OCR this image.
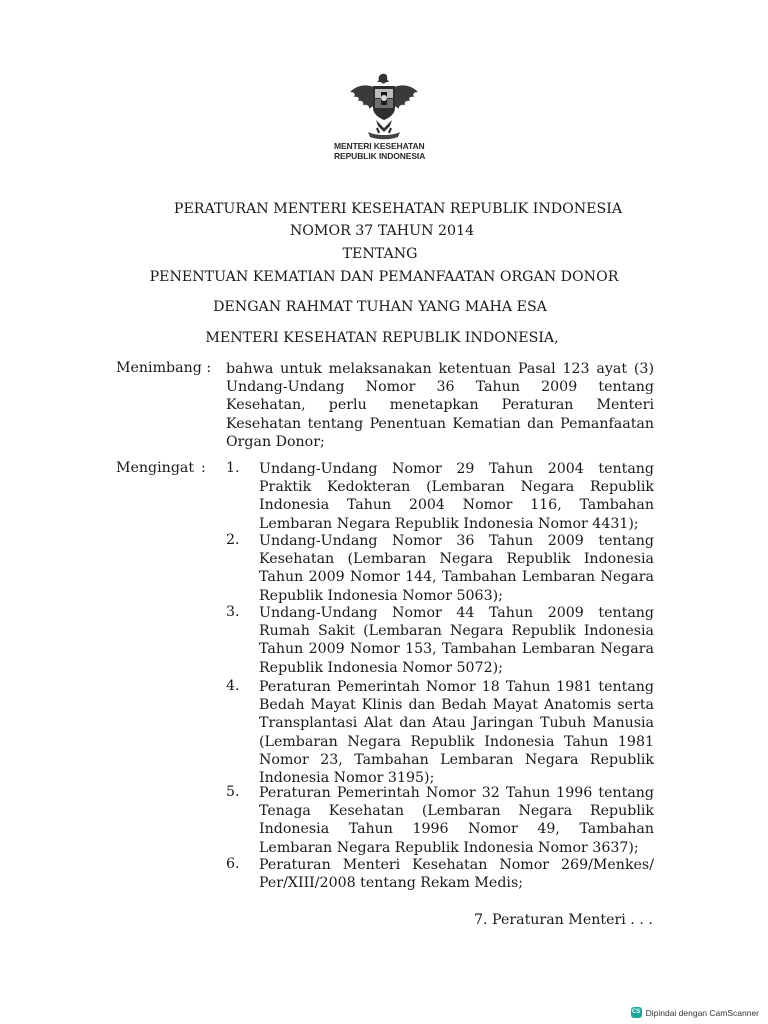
MENTERI KESEHATAN
REPUBLIK INDONESIA
PERATURAN MENTERI KESEHATAN REPUBLIK INDONESIA
NOMOR 37 TAHUN 2014
TENTANG
PENENTUAN KEMATIAN DAN PEMANFAATAN ORGAN DONOR
DENGAN RAHMAT TUHAN YANG MAHA ESA
MENTERI KESEHATAN REPUBLIK INDONESIA,
Menimbang : bahwa untuk melaksanakan ketentuan Pasal 123 ayat (3)
Undang-Undang Nomor 36 Tahun 2009 tentang
Kesehatan, perlu menetapkan Peraturan Menteri
Kesehatan tentang Penentuan Kematian dan Pemanfaatan
Organ Donor;
Mengingat : 1. Undang-Undang Nomor 29 Tahun 2004 tentang
Praktik Kedokteran (Lembaran Negara Republik
Indonesia Tahun 2004 Nomor 116, Tambahan
Lembaran Negara Republik Indonesia Nomor 4431);
2. Undang-Undang Nomor 36 Tahun 2009 tentang
Kesehatan (Lembaran Negara Republik Indonesia
Tahun 2009 Nomor 144, Tambahan Lembaran Negara
Republik Indonesia Nomor 5063);
3. Undang-Undang Nomor 44 Tahun 2009 tentang
Rumah Sakit (Lembaran Negara Republik Indonesia
Tahun 2009 Nomor 153, Tambahan Lembaran Negara
Republik Indonesia Nomor 5072);
4. Peraturan Pemerintah Nomor 18 Tahun 1981 tentang
Bedah Mayat Klinis dan Bedah Mayat Anatomis serta
Transplantasi Alat dan Atau Jaringan Tubuh Manusia
(Lembaran Negara Republik Indonesia Tahun 1981
Nomor 23, Tambahan Lembaran Negara Republik
Indonesia Nomor 3195);
5. Peraturan Pemerintah Nomor 32 Tahun 1996 tentang
Tenaga Kesehatan (Lembaran Negara Republik
Indonesia Tahun 1996 Nomor 49, Tambahan
Lembaran Negara Republik Indonesia Nomor 3637);
6. Peraturan Menteri Kesehatan Nomor 269/Menkes/
Per/XIII/2008 tentang Rekam Medis;
7. Peraturan Menteri . . .
CS Dipindai dengan CamScanner
